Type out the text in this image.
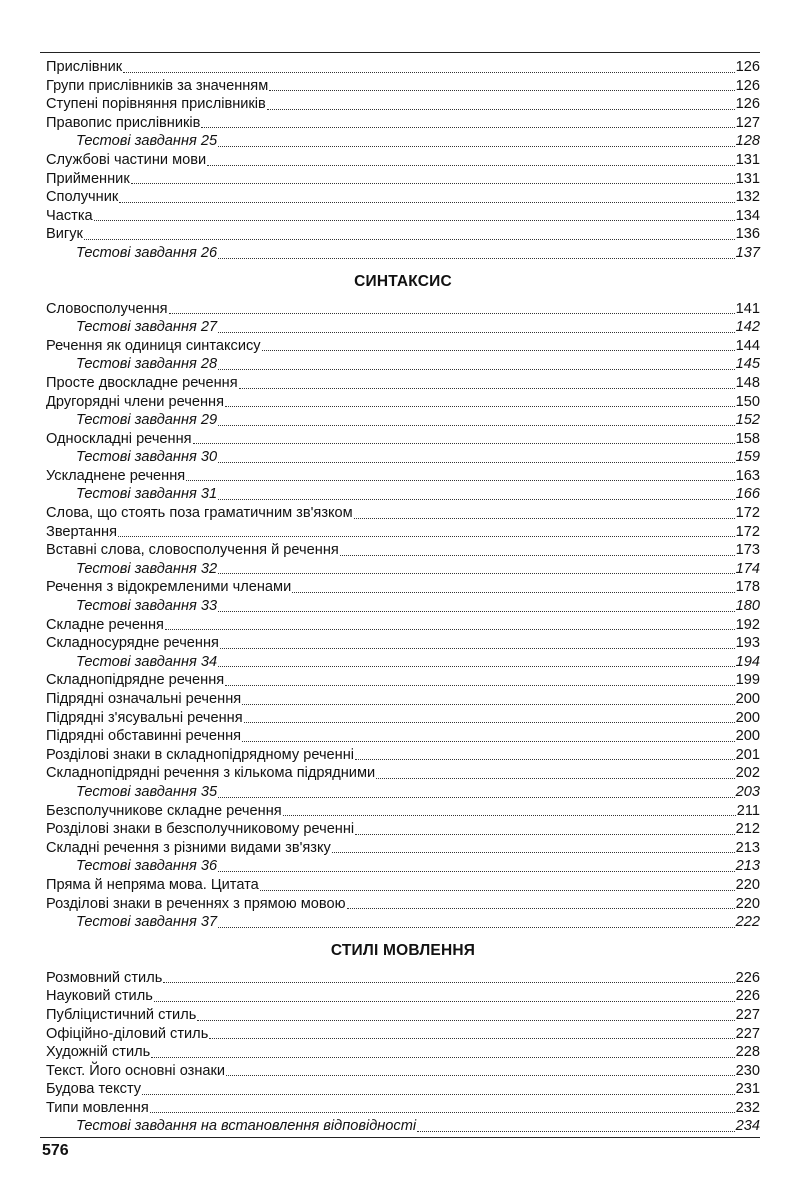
Прислівник	126
Групи прислівників за значенням	126
Ступені порівняння прислівників	126
Правопис прислівників	127
Тестові завдання 25	128
Службові частини мови	131
Прийменник	131
Сполучник	132
Частка	134
Вигук	136
Тестові завдання 26	137
СИНТАКСИС
Словосполучення	141
Тестові завдання 27	142
Речення як одиниця синтаксису	144
Тестові завдання 28	145
Просте двоскладне речення	148
Другорядні члени речення	150
Тестові завдання 29	152
Односкладні речення	158
Тестові завдання 30	159
Ускладнене речення	163
Тестові завдання 31	166
Слова, що стоять поза граматичним зв'язком	172
Звертання	172
Вставні слова, словосполучення й речення	173
Тестові завдання 32	174
Речення з відокремленими членами	178
Тестові завдання 33	180
Складне речення	192
Складносурядне речення	193
Тестові завдання 34	194
Складнопідрядне речення	199
Підрядні означальні речення	200
Підрядні з'ясувальні речення	200
Підрядні обставинні речення	200
Розділові знаки в складнопідрядному реченні	201
Складнопідрядні речення з кількома підрядними	202
Тестові завдання 35	203
Безсполучникове складне речення	211
Розділові знаки в безсполучниковому реченні	212
Складні речення з різними видами зв'язку	213
Тестові завдання 36	213
Пряма й непряма мова. Цитата	220
Розділові знаки в реченнях з прямою мовою	220
Тестові завдання 37	222
СТИЛІ МОВЛЕННЯ
Розмовний стиль	226
Науковий стиль	226
Публіцистичний стиль	227
Офіційно-діловий стиль	227
Художній стиль	228
Текст. Його основні ознаки	230
Будова тексту	231
Типи мовлення	232
Тестові завдання на встановлення відповідності	234
576
